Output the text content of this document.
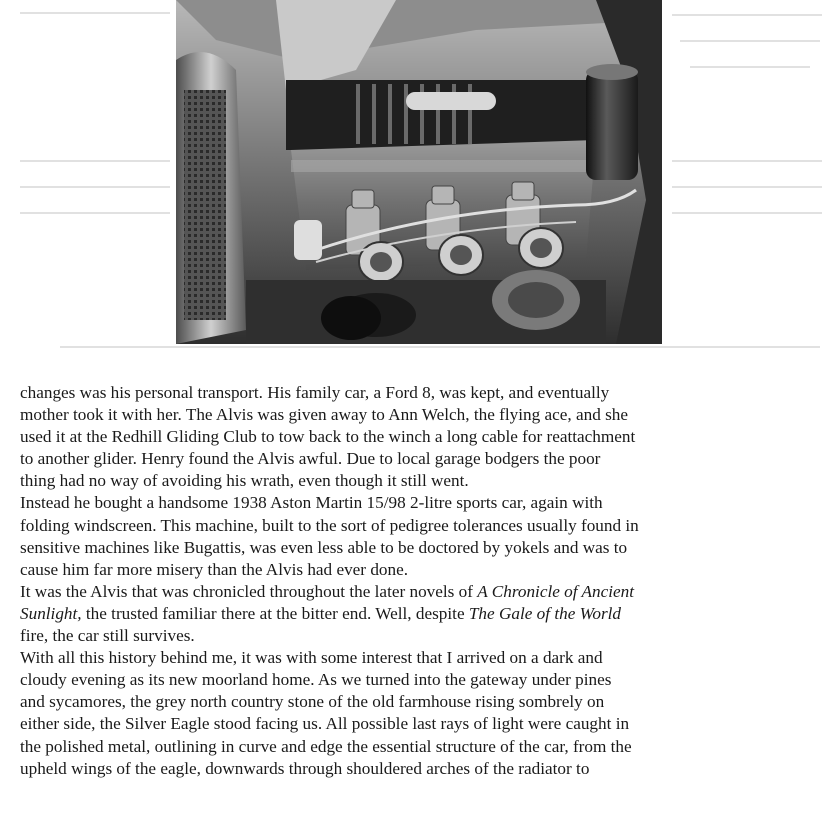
changes was his personal transport. His family car, a Ford 8, was kept, and eventually

mother took it with her. The Alvis was given away to Ann Welch, the flying ace, and she

used it at the Redhill Gliding Club to tow back to the winch a long cable for reattachment

to another glider. Henry found the Alvis awful. Due to local garage bodgers the poor

thing had no way of avoiding his wrath, even though it still went.

Instead he bought a handsome 1938 Aston Martin 15/98 2-litre sports car, again with

folding windscreen. This machine, built to the sort of pedigree tolerances usually found in

sensitive machines like Bugattis, was even less able to be doctored by yokels and was to

cause him far more misery than the Alvis had ever done.

It was the Alvis that was chronicled throughout the later novels of A Chronicle of Ancient

Sunlight, the trusted familiar there at the bitter end. Well, despite The Gale of the World

fire, the car still survives.

With all this history behind me, it was with some interest that I arrived on a dark and

cloudy evening as its new moorland home. As we turned into the gateway under pines

and sycamores, the grey north country stone of the old farmhouse rising sombrely on

either side, the Silver Eagle stood facing us. All possible last rays of light were caught in

the polished metal, outlining in curve and edge the essential structure of the car, from the

upheld wings of the eagle, downwards through shouldered arches of the radiator to
